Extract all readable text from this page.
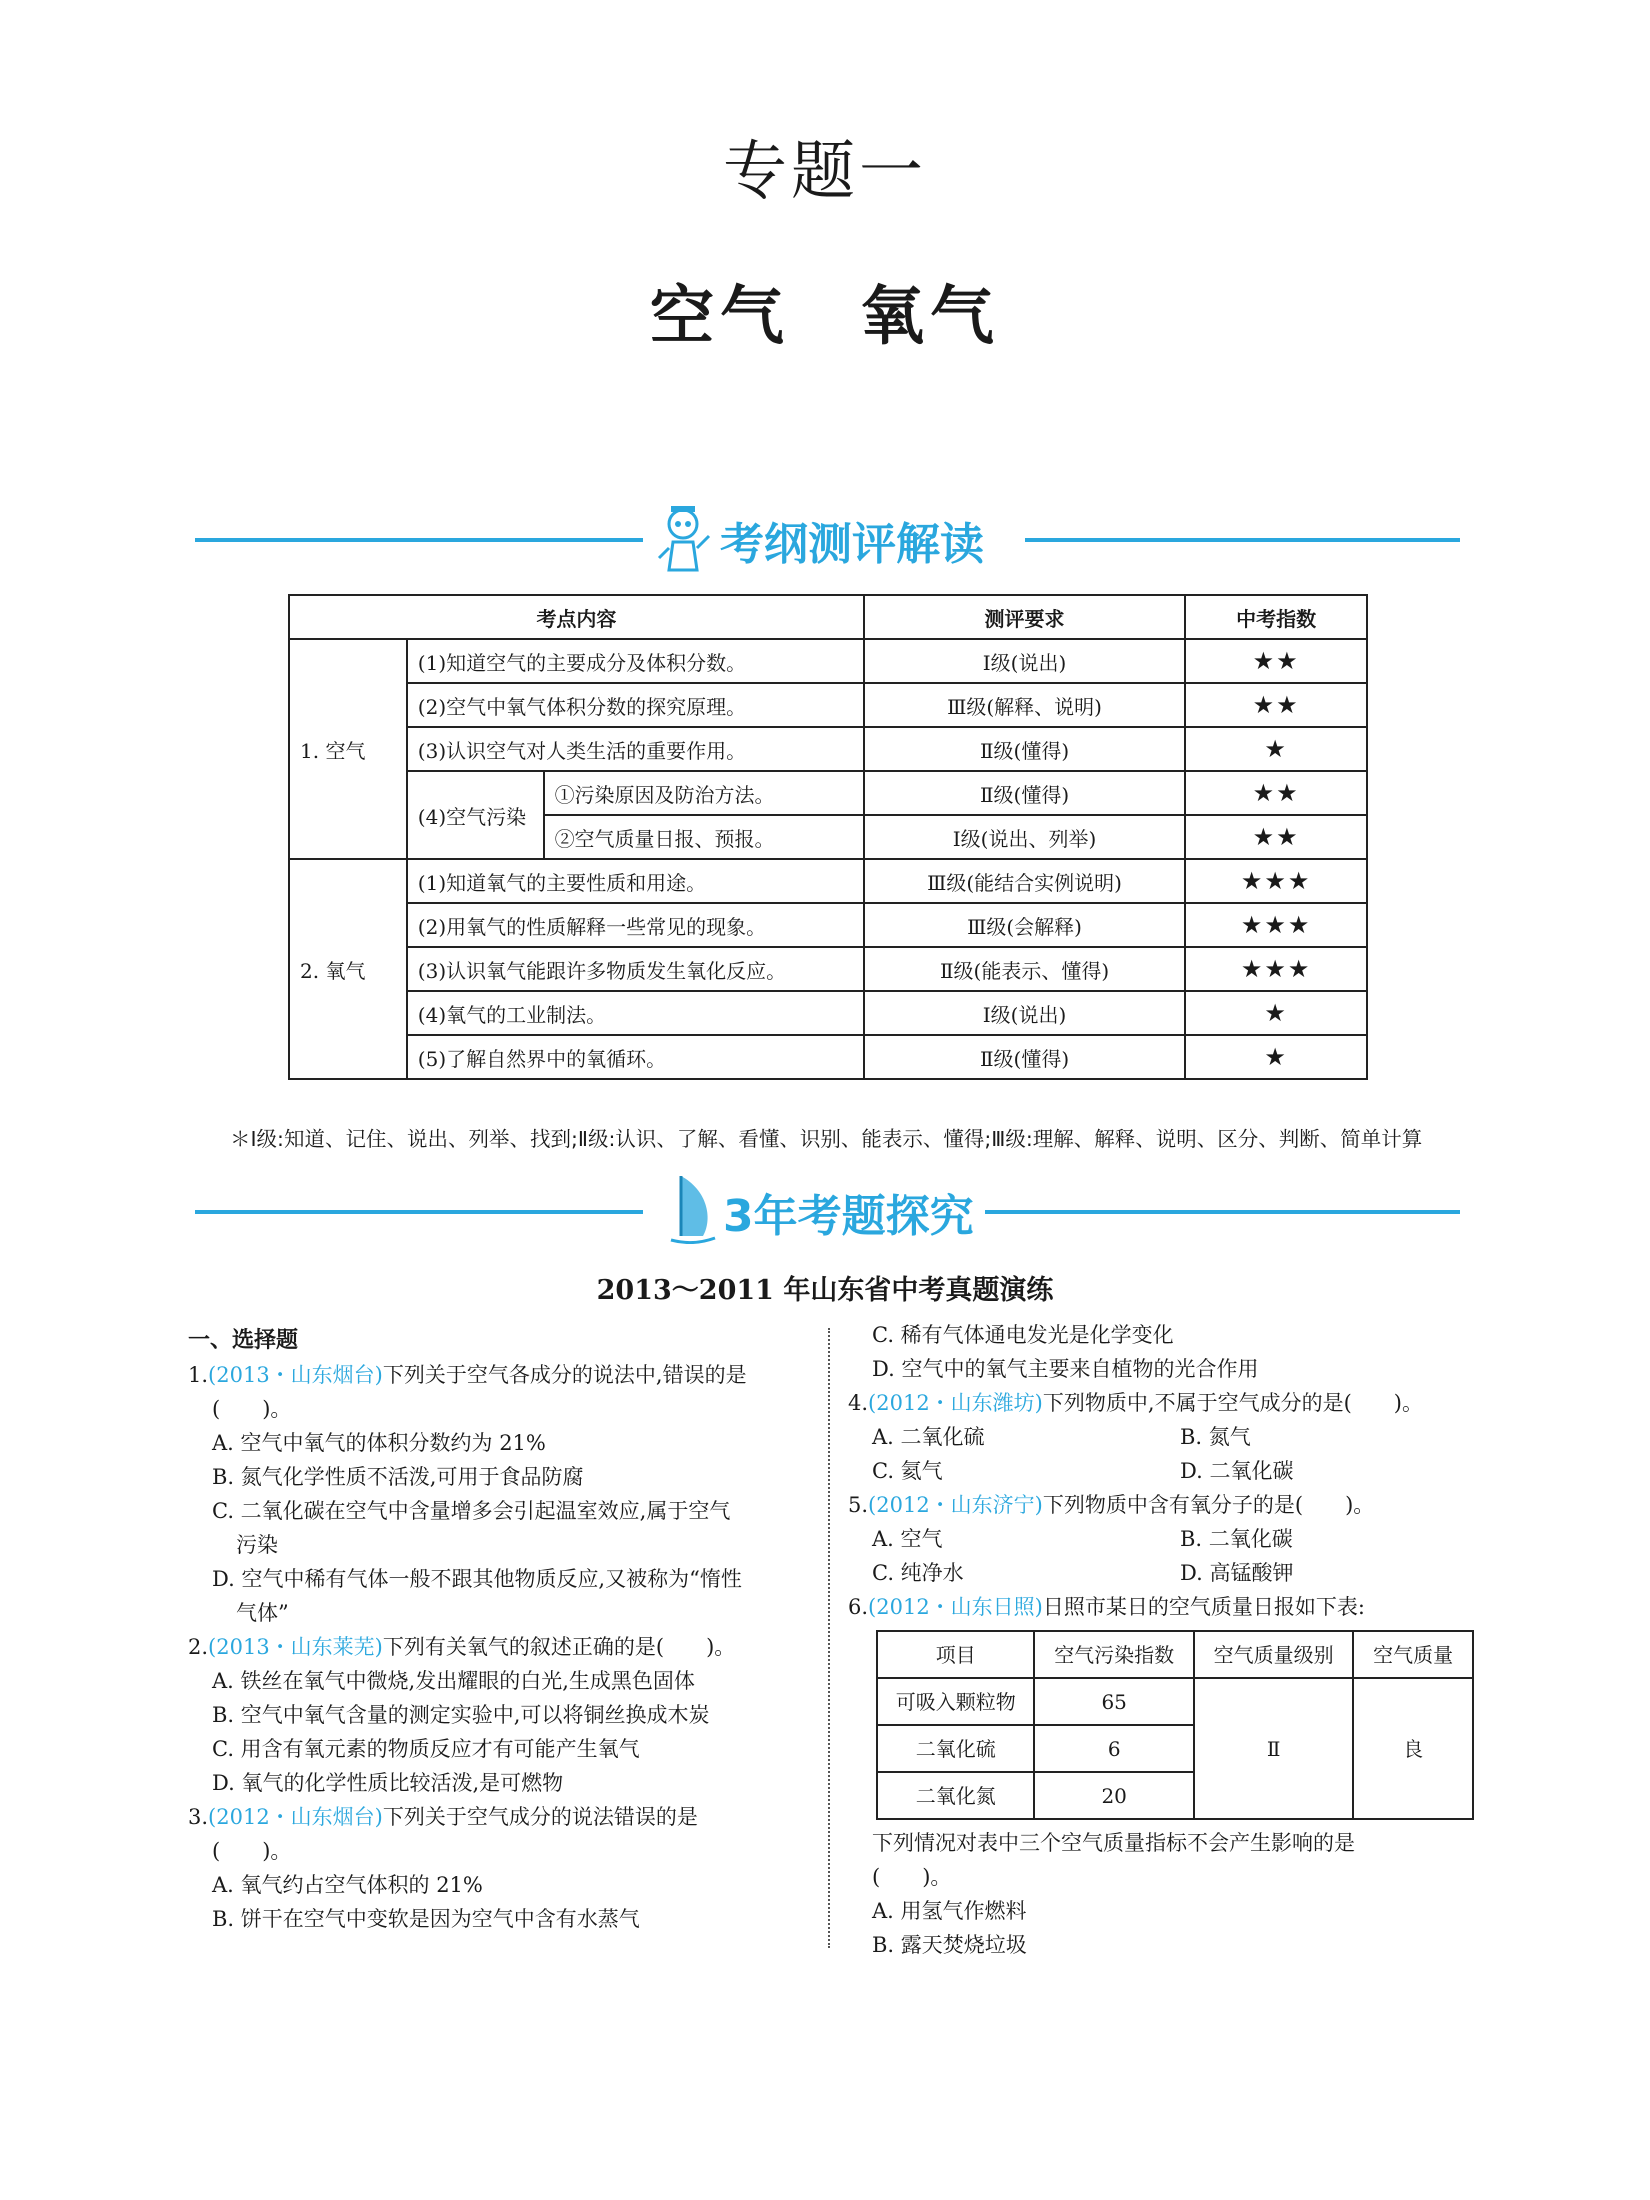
专题一
空气　氧气
考纲测评解读
考点内容			测评要求	中考指数
1. 空气	(1)知道空气的主要成分及体积分数。		Ⅰ级(说出)	★★
	(2)空气中氧气体积分数的探究原理。		Ⅲ级(解释、说明)	★★
	(3)认识空气对人类生活的重要作用。		Ⅱ级(懂得)	★
	(4)空气污染	①污染原因及防治方法。	Ⅱ级(懂得)	★★
		②空气质量日报、预报。	Ⅰ级(说出、列举)	★★
2. 氧气	(1)知道氧气的主要性质和用途。		Ⅲ级(能结合实例说明)	★★★
	(2)用氧气的性质解释一些常见的现象。		Ⅲ级(会解释)	★★★
	(3)认识氧气能跟许多物质发生氧化反应。		Ⅱ级(能表示、懂得)	★★★
	(4)氧气的工业制法。		Ⅰ级(说出)	★
	(5)了解自然界中的氧循环。		Ⅱ级(懂得)	★
＊Ⅰ级:知道、记住、说出、列举、找到;Ⅱ级:认识、了解、看懂、识别、能表示、懂得;Ⅲ级:理解、解释、说明、区分、判断、简单计算
3年考题探究
2013～2011 年山东省中考真题演练
一、选择题
1.(2013・山东烟台)下列关于空气各成分的说法中,错误的是
(　　)。
A. 空气中氧气的体积分数约为 21%
B. 氮气化学性质不活泼,可用于食品防腐
C. 二氧化碳在空气中含量增多会引起温室效应,属于空气
污染
D. 空气中稀有气体一般不跟其他物质反应,又被称为“惰性
气体”
2.(2013・山东莱芜)下列有关氧气的叙述正确的是(　　)。
A. 铁丝在氧气中微烧,发出耀眼的白光,生成黑色固体
B. 空气中氧气含量的测定实验中,可以将铜丝换成木炭
C. 用含有氧元素的物质反应才有可能产生氧气
D. 氧气的化学性质比较活泼,是可燃物
3.(2012・山东烟台)下列关于空气成分的说法错误的是
(　　)。
A. 氧气约占空气体积的 21%
B. 饼干在空气中变软是因为空气中含有水蒸气
C. 稀有气体通电发光是化学变化
D. 空气中的氧气主要来自植物的光合作用
4.(2012・山东潍坊)下列物质中,不属于空气成分的是(　　)。
A. 二氧化硫	B. 氮气
C. 氦气	D. 二氧化碳
5.(2012・山东济宁)下列物质中含有氧分子的是(　　)。
A. 空气	B. 二氧化碳
C. 纯净水	D. 高锰酸钾
6.(2012・山东日照)日照市某日的空气质量日报如下表:
项目	空气污染指数	空气质量级别	空气质量
可吸入颗粒物	65	Ⅱ	良
二氧化硫	6		
二氧化氮	20		
下列情况对表中三个空气质量指标不会产生影响的是
(　　)。
A. 用氢气作燃料
B. 露天焚烧垃圾
